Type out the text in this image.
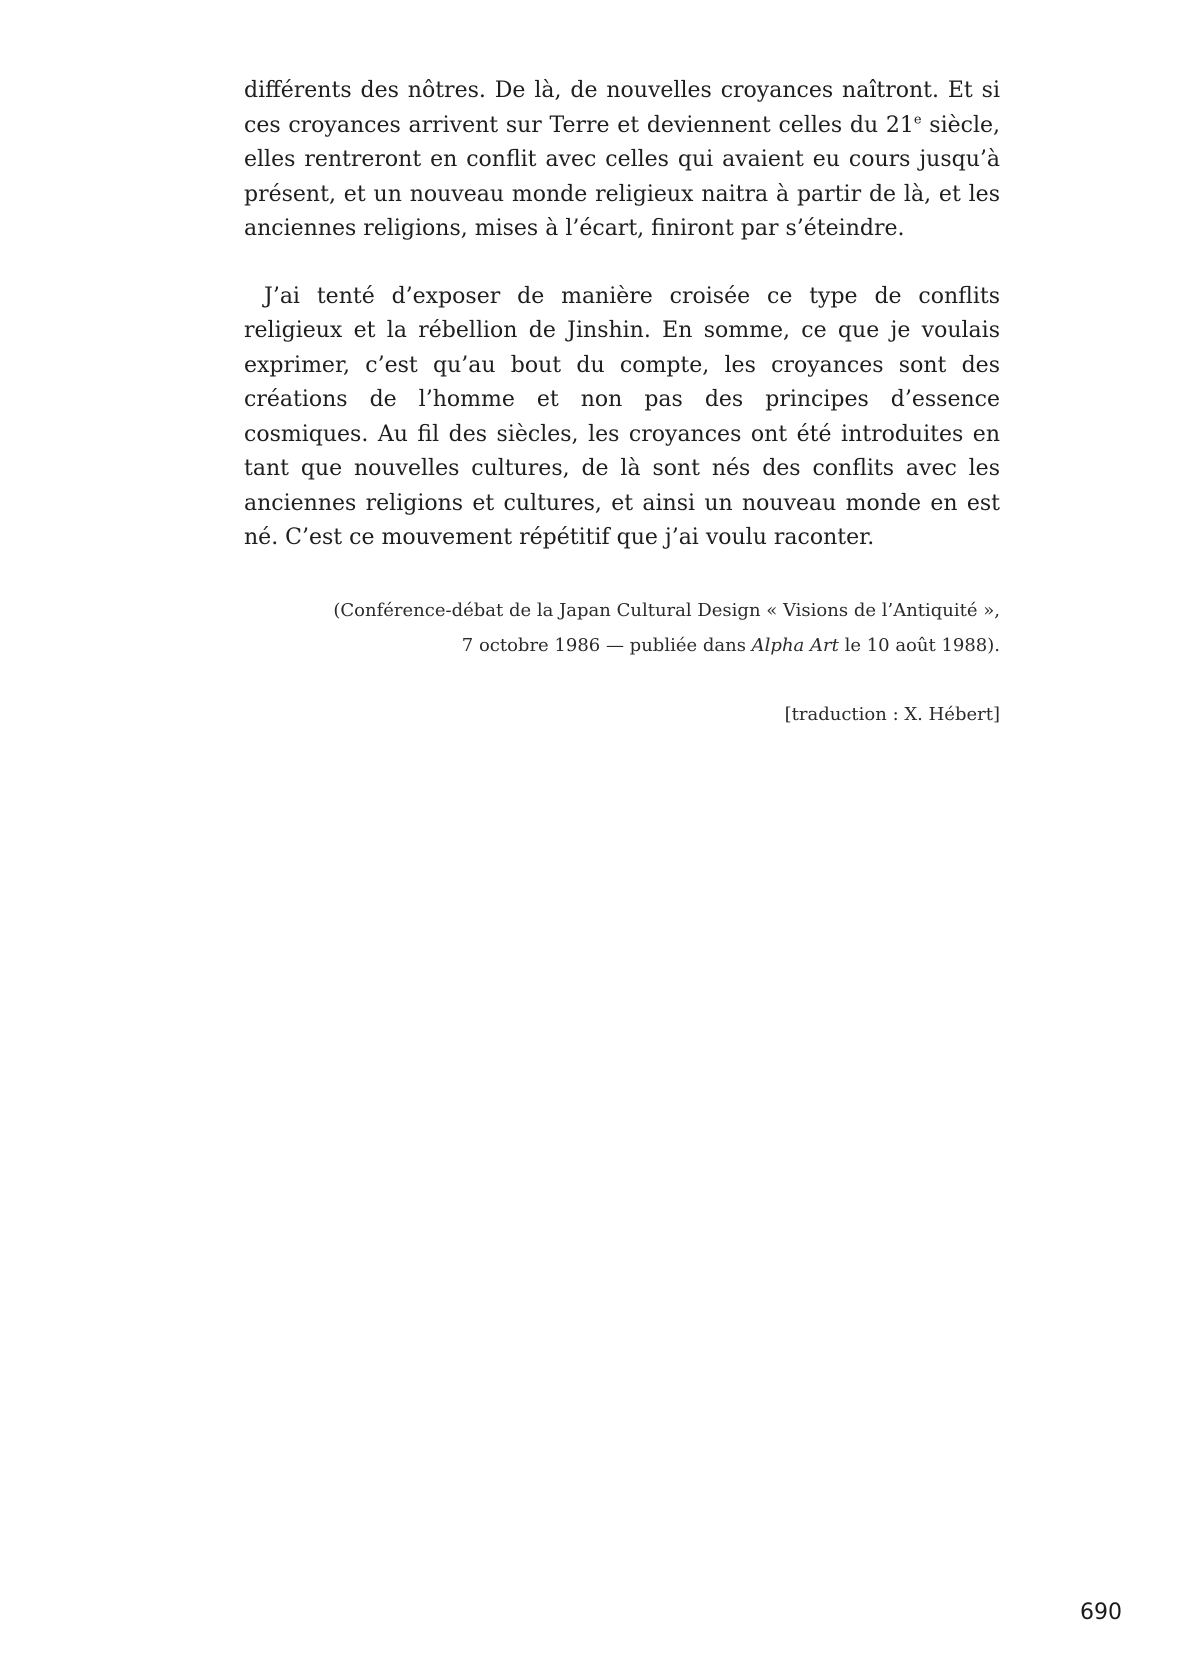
différents des nôtres. De là, de nouvelles croyances naîtront. Et si ces croyances arrivent sur Terre et deviennent celles du 21e siècle, elles rentreront en conflit avec celles qui avaient eu cours jusqu’à présent, et un nouveau monde religieux naitra à partir de là, et les anciennes religions, mises à l’écart, finiront par s’éteindre.

J’ai tenté d’exposer de manière croisée ce type de conflits religieux et la rébellion de Jinshin. En somme, ce que je voulais exprimer, c’est qu’au bout du compte, les croyances sont des créations de l’homme et non pas des principes d’essence cosmiques. Au fil des siècles, les croyances ont été introduites en tant que nouvelles cultures, de là sont nés des conflits avec les anciennes religions et cultures, et ainsi un nouveau monde en est né. C’est ce mouvement répétitif que j’ai voulu raconter.

(Conférence-débat de la Japan Cultural Design « Visions de l’Antiquité »,
7 octobre 1986 — publiée dans Alpha Art le 10 août 1988).
[traduction : X. Hébert]
690
